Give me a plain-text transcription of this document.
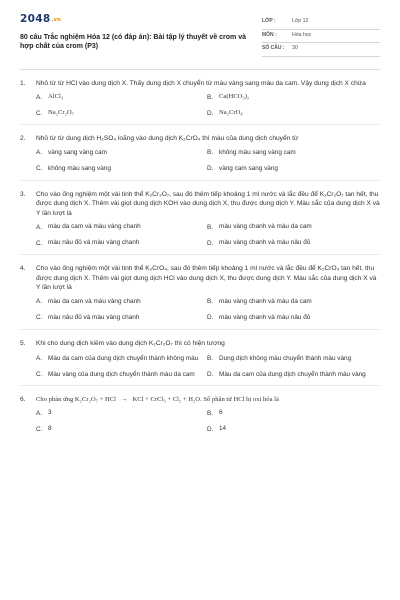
2048.vn
80 câu Trắc nghiệm Hóa 12 (có đáp án): Bài tập lý thuyết về crom và hợp chất của crom (P3)
LỚP :	Lớp 12
MÔN :	Hóa học
SỐ CÂU :	30
1. Nhỏ từ từ HCl vào dung dịch X. Thấy dung dịch X chuyển từ màu vàng sang màu da cam. Vậy dung dịch X chứa
A. AlCl₃	B. Ca(HCO₃)₂
C. Na₂Cr₂O₇	D. Na₂CrO₄
2. Nhỏ từ từ dung dịch H₂SO₄ loãng vào dung dịch K₂CrO₄ thì màu của dung dịch chuyển từ
A. vàng sang vàng cam	B. không màu sang vàng cam
C. không màu sang vàng	D. vàng cam sang vàng
3. Cho vào ống nghiệm một vài tinh thể K₂Cr₂O₇, sau đó thêm tiếp khoảng 1 ml nước và lắc đều để K₂Cr₂O₇ tan hết, thu được dung dịch X. Thêm vài giọt dung dịch KOH vào dung dịch X, thu được dung dịch Y. Màu sắc của dung dịch X và Y lần lượt là
A. màu da cam và màu vàng chanh	B. màu vàng chanh và màu da cam
C. màu nâu đỏ và màu vàng chanh	D. màu vàng chanh và màu nâu đỏ
4. Cho vào ống nghiệm một vài tinh thể K₂CrO₄, sau đó thêm tiếp khoảng 1 ml nước và lắc đều để K₂CrO₄ tan hết, thu được dung dịch X. Thêm vài giọt dung dịch HCl vào dung dịch X, thu được dung dịch Y. Màu sắc của dung dịch X và Y lần lượt là
A. màu da cam và màu vàng chanh	B. màu vàng chanh và màu da cam
C. màu nâu đỏ và màu vàng chanh	D. màu vàng chanh và màu nâu đỏ
5. Khi cho dung dịch kiềm vào dung dịch K₂Cr₂O₇ thì có hiện tượng
A. Màu da cam của dung dịch chuyển thành không màu	B. Dung dịch không màu chuyển thành màu vàng
C. Màu vàng của dung dịch chuyển thành màu da cam	D. Màu da cam của dung dịch chuyển thành màu vàng
6. Cho phản ứng K₂Cr₂O₇ + HCl → KCl + CrCl₃ + Cl₂ + H₂O. Số phân tử HCl bị oxi hóa là
A. 3	B. 6
C. 8	D. 14
